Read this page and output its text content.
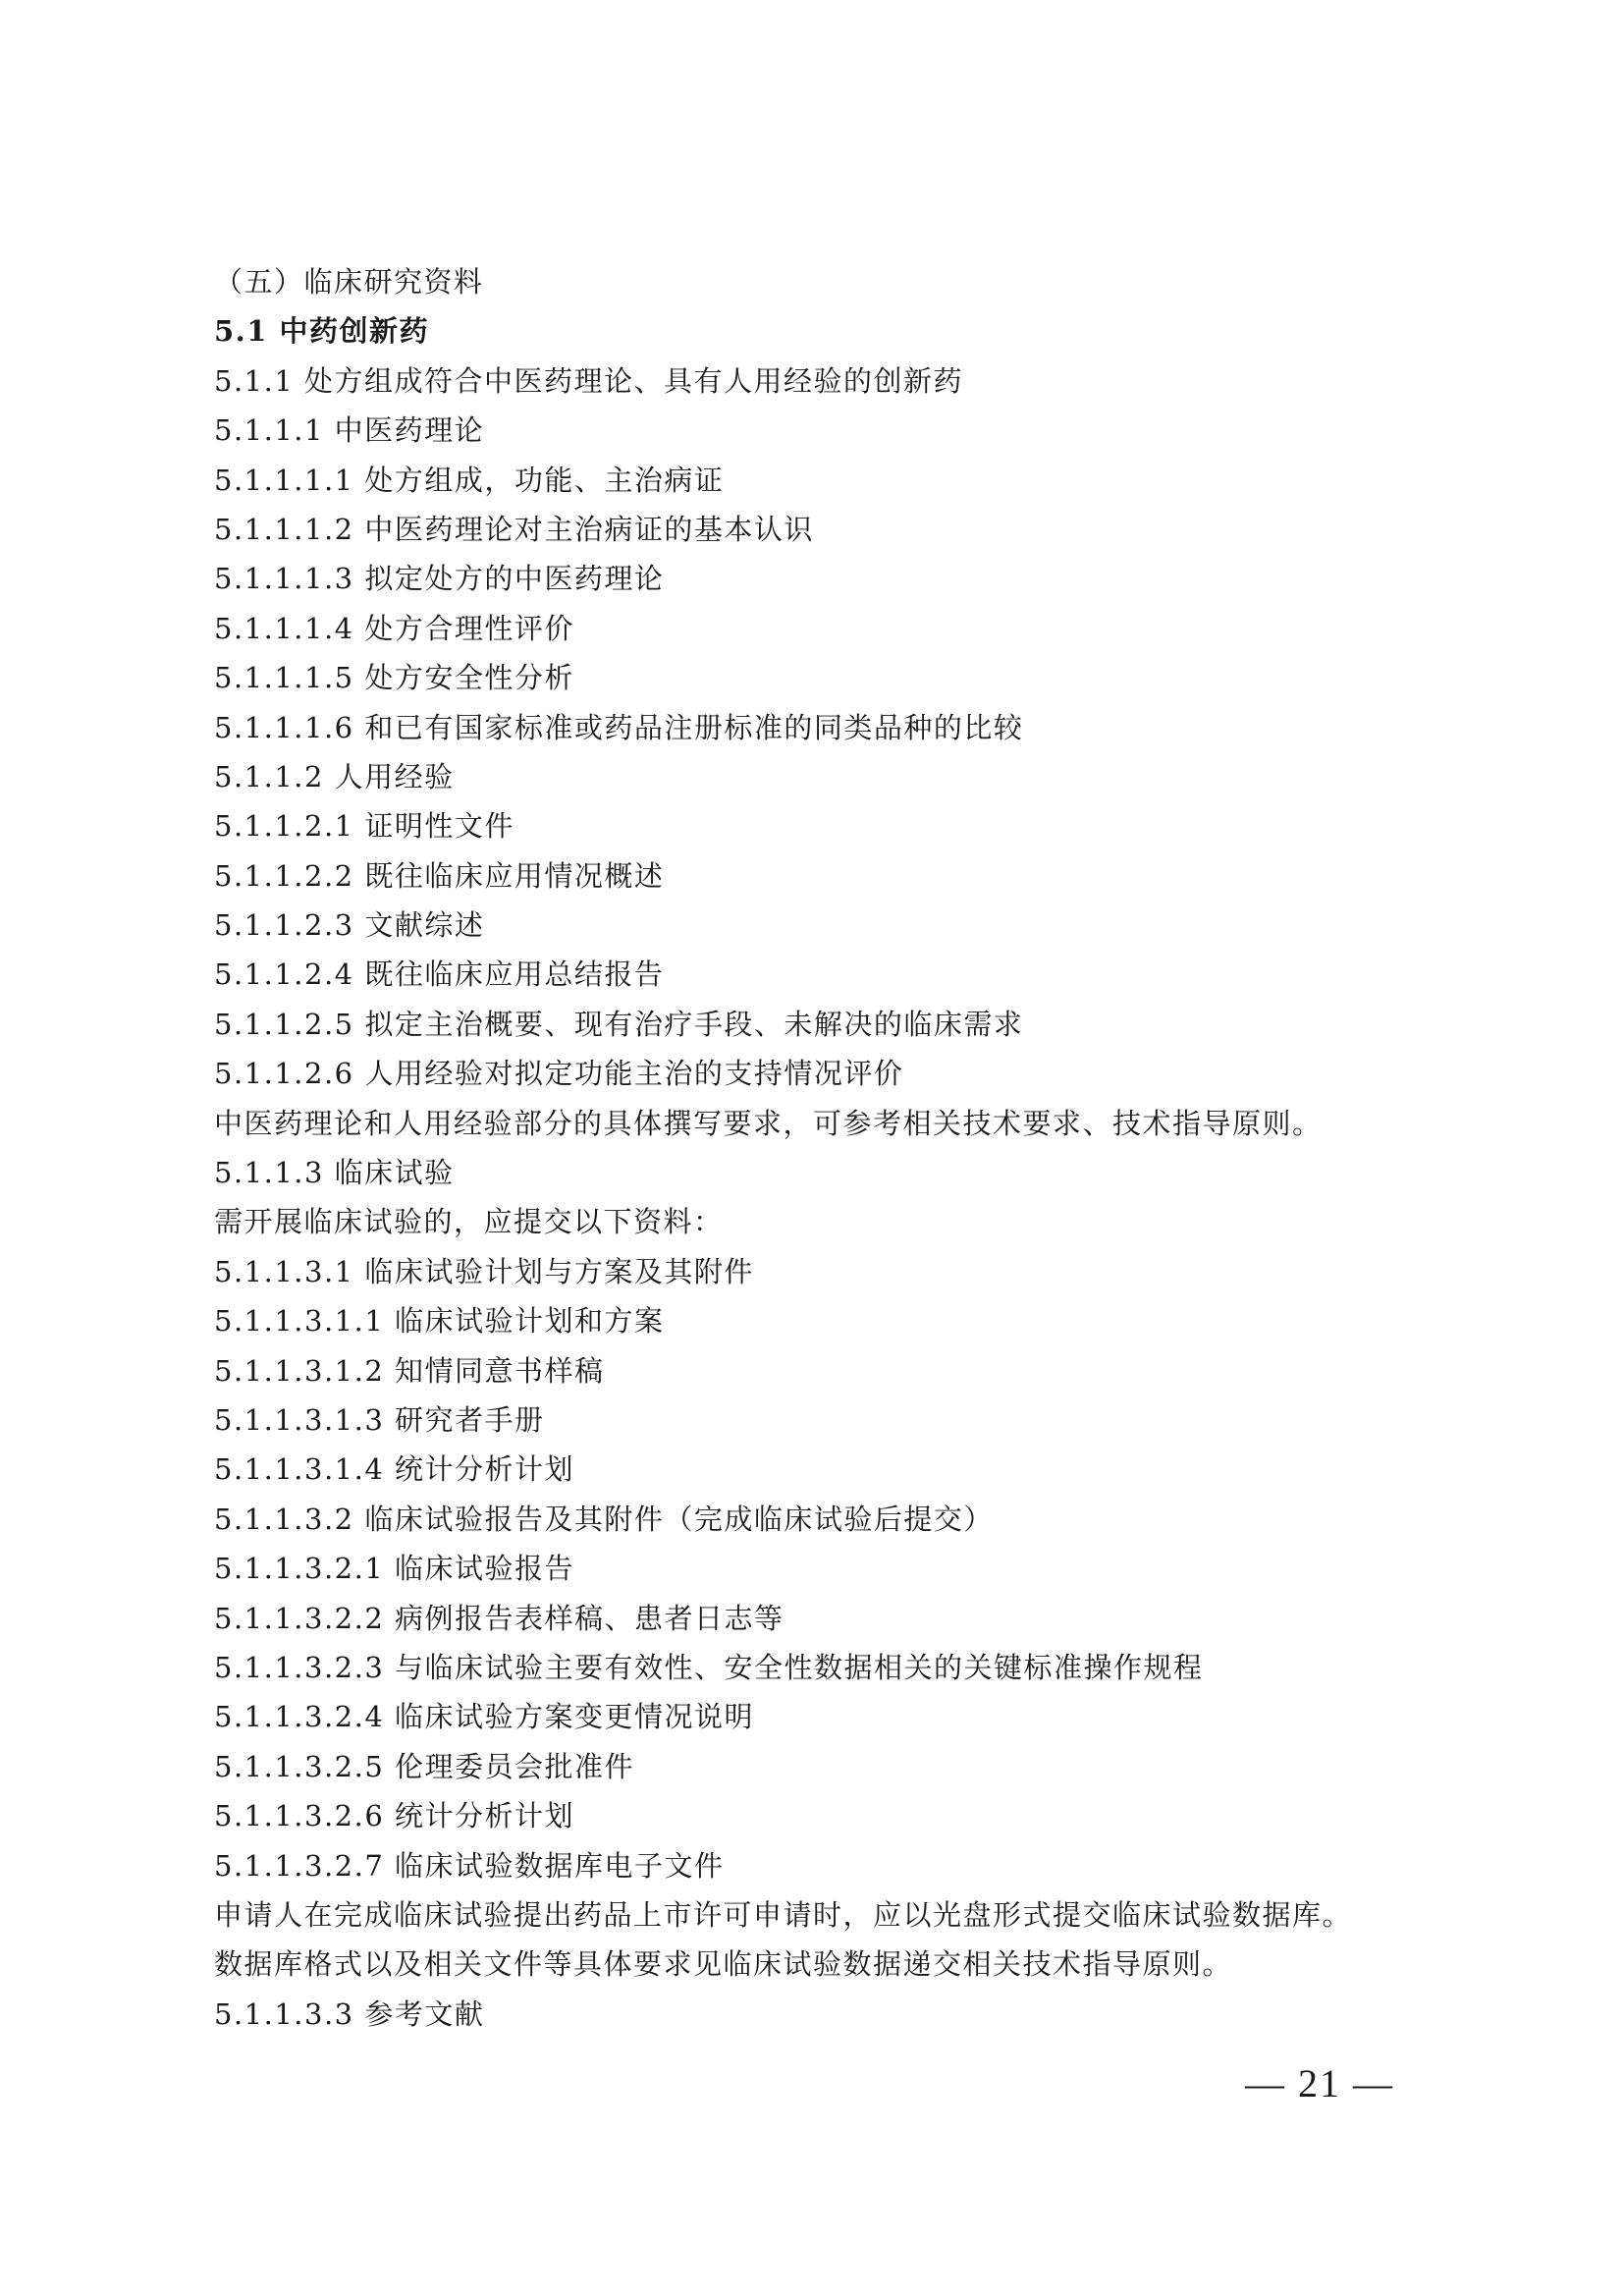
（五）临床研究资料
5.1 中药创新药
5.1.1 处方组成符合中医药理论、具有人用经验的创新药
5.1.1.1 中医药理论
5.1.1.1.1 处方组成，功能、主治病证
5.1.1.1.2 中医药理论对主治病证的基本认识
5.1.1.1.3 拟定处方的中医药理论
5.1.1.1.4 处方合理性评价
5.1.1.1.5 处方安全性分析
5.1.1.1.6 和已有国家标准或药品注册标准的同类品种的比较
5.1.1.2 人用经验
5.1.1.2.1 证明性文件
5.1.1.2.2 既往临床应用情况概述
5.1.1.2.3 文献综述
5.1.1.2.4 既往临床应用总结报告
5.1.1.2.5 拟定主治概要、现有治疗手段、未解决的临床需求
5.1.1.2.6 人用经验对拟定功能主治的支持情况评价
中医药理论和人用经验部分的具体撰写要求，可参考相关技术要求、技术指导原则。
5.1.1.3 临床试验
需开展临床试验的，应提交以下资料：
5.1.1.3.1 临床试验计划与方案及其附件
5.1.1.3.1.1 临床试验计划和方案
5.1.1.3.1.2 知情同意书样稿
5.1.1.3.1.3 研究者手册
5.1.1.3.1.4 统计分析计划
5.1.1.3.2 临床试验报告及其附件（完成临床试验后提交）
5.1.1.3.2.1 临床试验报告
5.1.1.3.2.2 病例报告表样稿、患者日志等
5.1.1.3.2.3 与临床试验主要有效性、安全性数据相关的关键标准操作规程
5.1.1.3.2.4 临床试验方案变更情况说明
5.1.1.3.2.5 伦理委员会批准件
5.1.1.3.2.6 统计分析计划
5.1.1.3.2.7 临床试验数据库电子文件
申请人在完成临床试验提出药品上市许可申请时，应以光盘形式提交临床试验数据库。
数据库格式以及相关文件等具体要求见临床试验数据递交相关技术指导原则。
5.1.1.3.3 参考文献
— 21 —
